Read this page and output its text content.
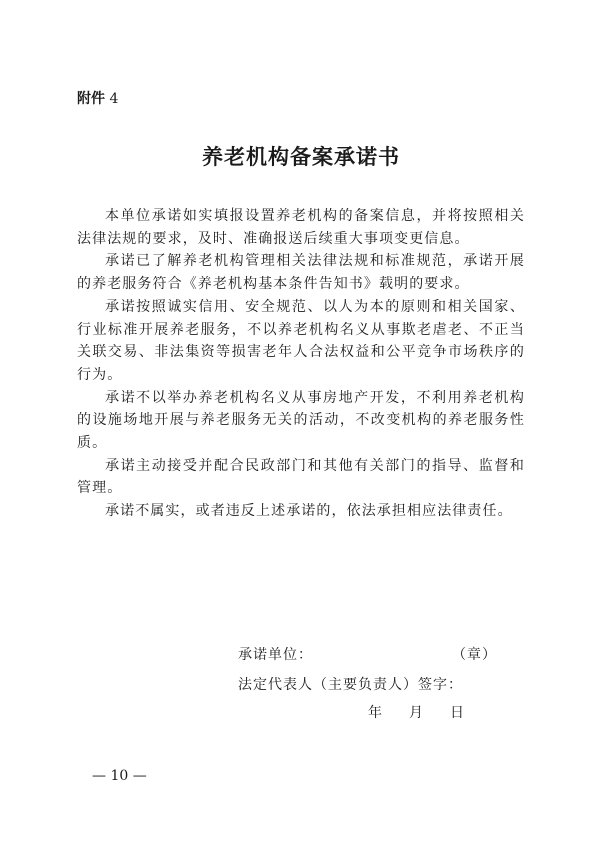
附件 4
养老机构备案承诺书

本单位承诺如实填报设置养老机构的备案信息，并将按照相关法律法规的要求，及时、准确报送后续重大事项变更信息。

承诺已了解养老机构管理相关法律法规和标准规范，承诺开展的养老服务符合《养老机构基本条件告知书》载明的要求。

承诺按照诚实信用、安全规范、以人为本的原则和相关国家、行业标准开展养老服务，不以养老机构名义从事欺老虐老、不正当关联交易、非法集资等损害老年人合法权益和公平竞争市场秩序的行为。

承诺不以举办养老机构名义从事房地产开发，不利用养老机构的设施场地开展与养老服务无关的活动，不改变机构的养老服务性质。

承诺主动接受并配合民政部门和其他有关部门的指导、监督和管理。

承诺不属实，或者违反上述承诺的，依法承担相应法律责任。

承诺单位：	（章）
法定代表人（主要负责人）签字：
年 月 日
— 10 —
